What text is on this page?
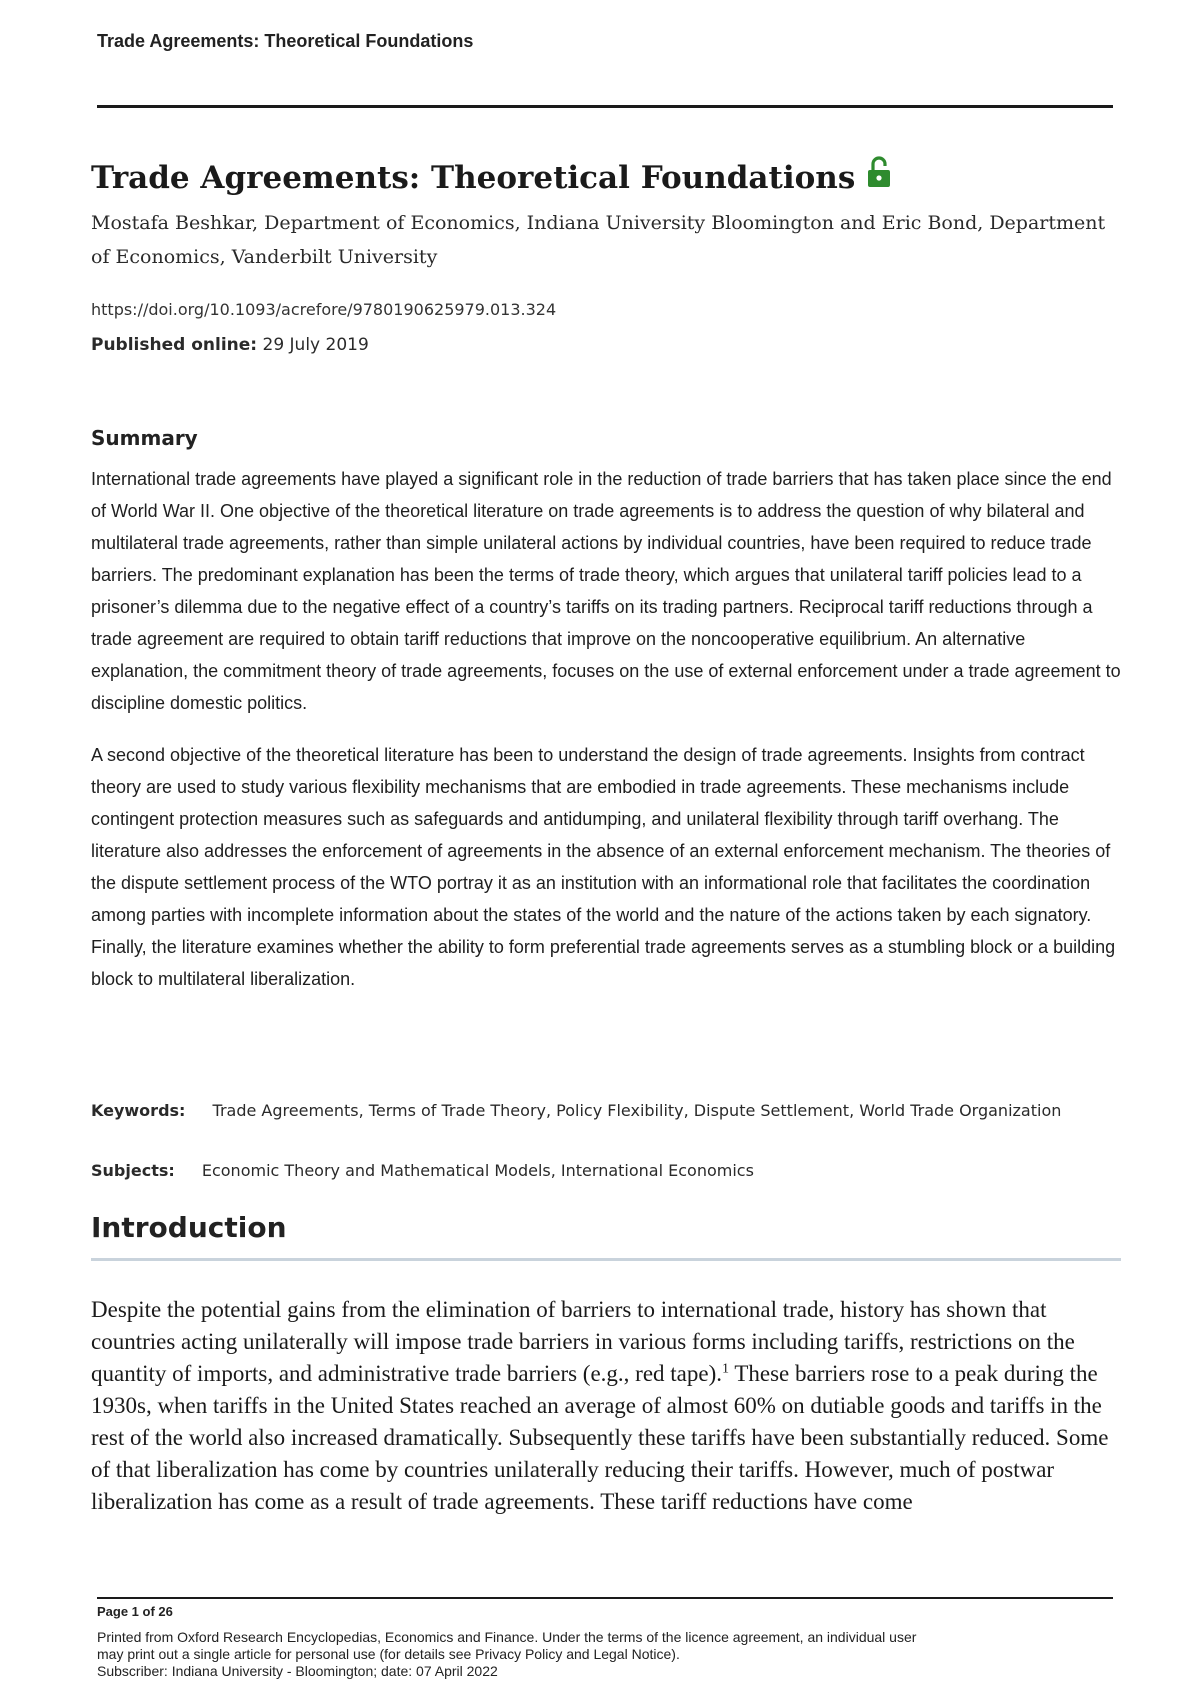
Trade Agreements: Theoretical Foundations
Trade Agreements: Theoretical Foundations
Mostafa Beshkar, Department of Economics, Indiana University Bloomington and Eric Bond, Department of Economics, Vanderbilt University
https://doi.org/10.1093/acrefore/9780190625979.013.324
Published online: 29 July 2019
Summary

International trade agreements have played a significant role in the reduction of trade barriers that has taken place since the end of World War II. One objective of the theoretical literature on trade agreements is to address the question of why bilateral and multilateral trade agreements, rather than simple unilateral actions by individual countries, have been required to reduce trade barriers. The predominant explanation has been the terms of trade theory, which argues that unilateral tariff policies lead to a prisoner’s dilemma due to the negative effect of a country’s tariffs on its trading partners. Reciprocal tariff reductions through a trade agreement are required to obtain tariff reductions that improve on the noncooperative equilibrium. An alternative explanation, the commitment theory of trade agreements, focuses on the use of external enforcement under a trade agreement to discipline domestic politics.

A second objective of the theoretical literature has been to understand the design of trade agreements. Insights from contract theory are used to study various flexibility mechanisms that are embodied in trade agreements. These mechanisms include contingent protection measures such as safeguards and antidumping, and unilateral flexibility through tariff overhang. The literature also addresses the enforcement of agreements in the absence of an external enforcement mechanism. The theories of the dispute settlement process of the WTO portray it as an institution with an informational role that facilitates the coordination among parties with incomplete information about the states of the world and the nature of the actions taken by each signatory. Finally, the literature examines whether the ability to form preferential trade agreements serves as a stumbling block or a building block to multilateral liberalization.

Keywords: Trade Agreements, Terms of Trade Theory, Policy Flexibility, Dispute Settlement, World Trade Organization
Subjects: Economic Theory and Mathematical Models, International Economics
Introduction

Despite the potential gains from the elimination of barriers to international trade, history has shown that countries acting unilaterally will impose trade barriers in various forms including tariffs, restrictions on the quantity of imports, and administrative trade barriers (e.g., red tape).$^1$ These barriers rose to a peak during the 1930s, when tariffs in the United States reached an average of almost 60% on dutiable goods and tariffs in the rest of the world also increased dramatically. Subsequently these tariffs have been substantially reduced. Some of that liberalization has come by countries unilaterally reducing their tariffs. However, much of postwar liberalization has come as a result of trade agreements. These tariff reductions have come

Page 1 of 26
Printed from Oxford Research Encyclopedias, Economics and Finance. Under the terms of the licence agreement, an individual user
may print out a single article for personal use (for details see Privacy Policy and Legal Notice).
Subscriber: Indiana University - Bloomington; date: 07 April 2022
